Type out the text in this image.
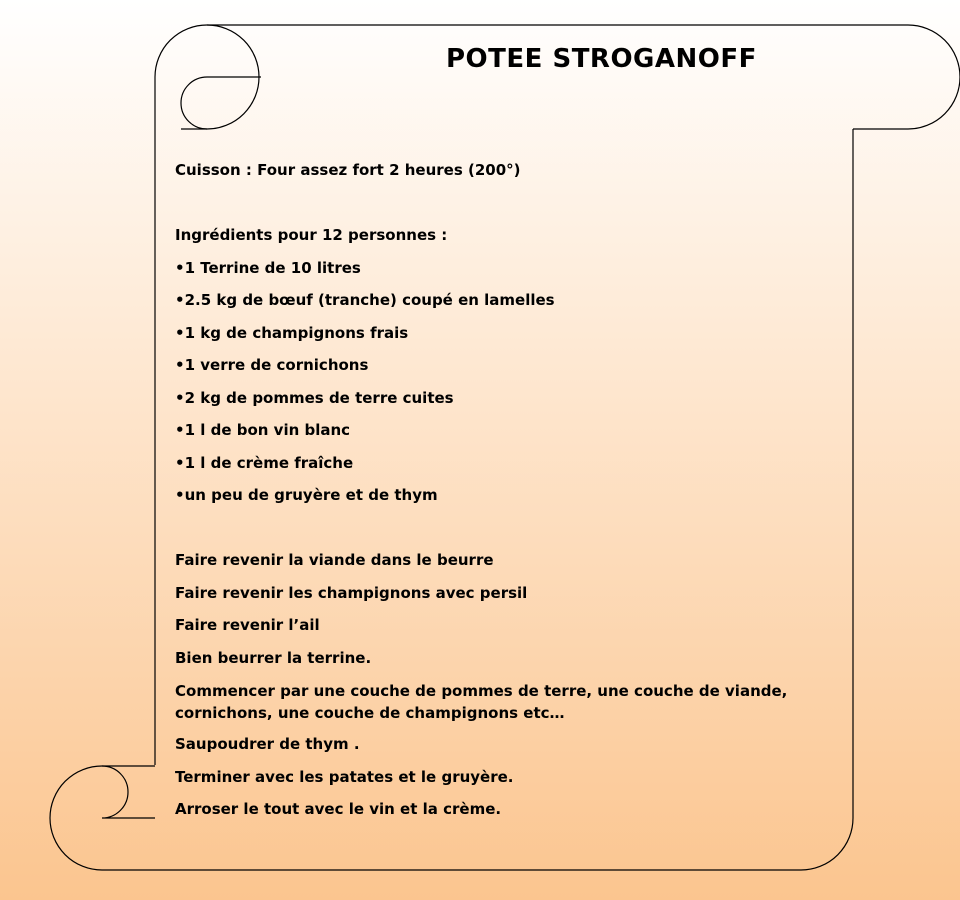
POTEE STROGANOFF
Cuisson : Four assez fort 2 heures (200°)
Ingrédients pour 12 personnes :
•1 Terrine de 10 litres
•2.5 kg de bœuf (tranche) coupé en lamelles
•1 kg de champignons frais
•1 verre de cornichons
•2 kg de pommes de terre cuites
•1 l de bon vin blanc
•1 l de crème fraîche
•un peu de gruyère et de thym
Faire revenir la viande dans le beurre
Faire revenir les champignons avec persil
Faire revenir l’ail
Bien beurrer la terrine.
Commencer par une couche de pommes de terre, une couche de viande,
cornichons, une couche de champignons etc…
Saupoudrer de thym .
Terminer avec les patates et le gruyère.
Arroser le tout avec le vin et la crème.
